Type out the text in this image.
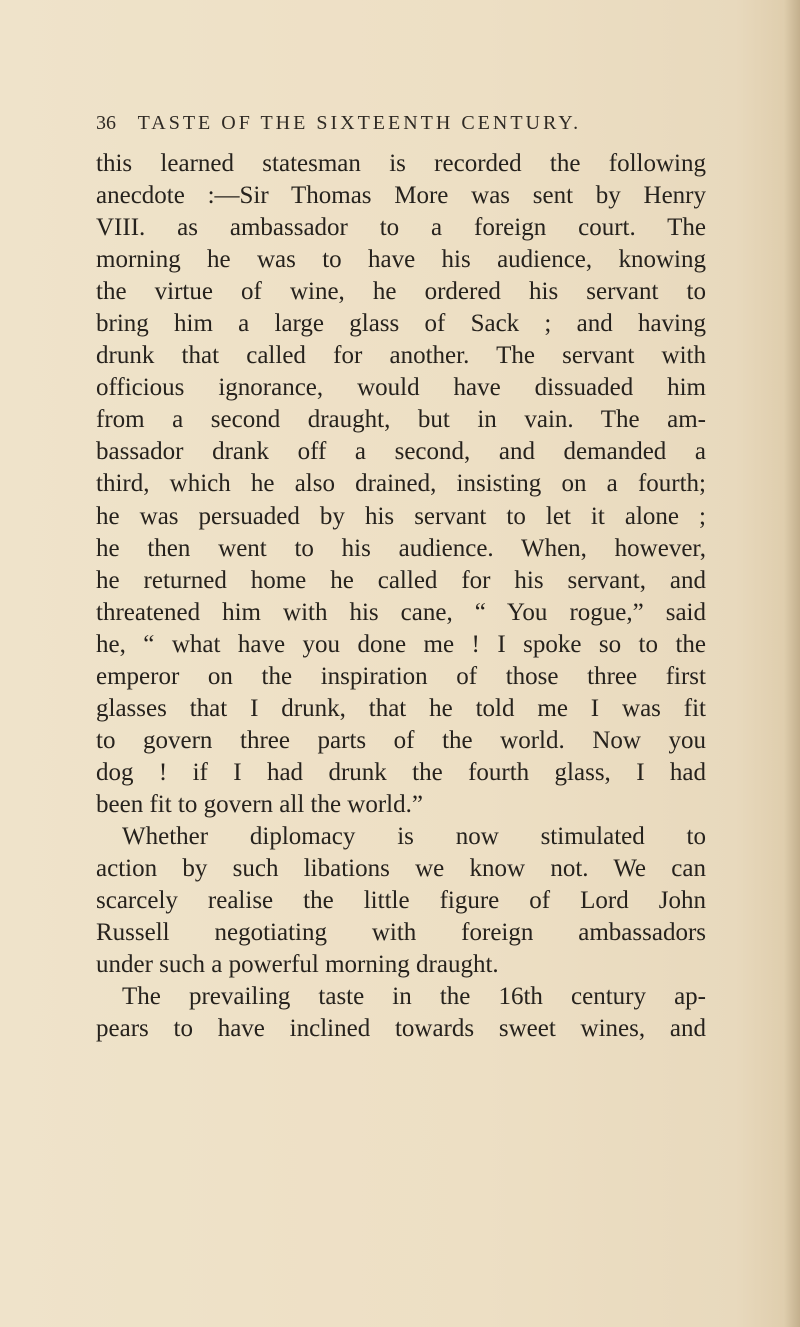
36 TASTE OF THE SIXTEENTH CENTURY.
this learned statesman is recorded the following
anecdote :—Sir Thomas More was sent by Henry
VIII. as ambassador to a foreign court. The
morning he was to have his audience, knowing
the virtue of wine, he ordered his servant to
bring him a large glass of Sack ; and having
drunk that called for another. The servant with
officious ignorance, would have dissuaded him
from a second draught, but in vain. The am-
bassador drank off a second, and demanded a
third, which he also drained, insisting on a fourth;
he was persuaded by his servant to let it alone ;
he then went to his audience. When, however,
he returned home he called for his servant, and
threatened him with his cane, “ You rogue,” said
he, “ what have you done me ! I spoke so to the
emperor on the inspiration of those three first
glasses that I drunk, that he told me I was fit
to govern three parts of the world. Now you
dog ! if I had drunk the fourth glass, I had
been fit to govern all the world.”
Whether diplomacy is now stimulated to
action by such libations we know not. We can
scarcely realise the little figure of Lord John
Russell negotiating with foreign ambassadors
under such a powerful morning draught.
The prevailing taste in the 16th century ap-
pears to have inclined towards sweet wines, and
